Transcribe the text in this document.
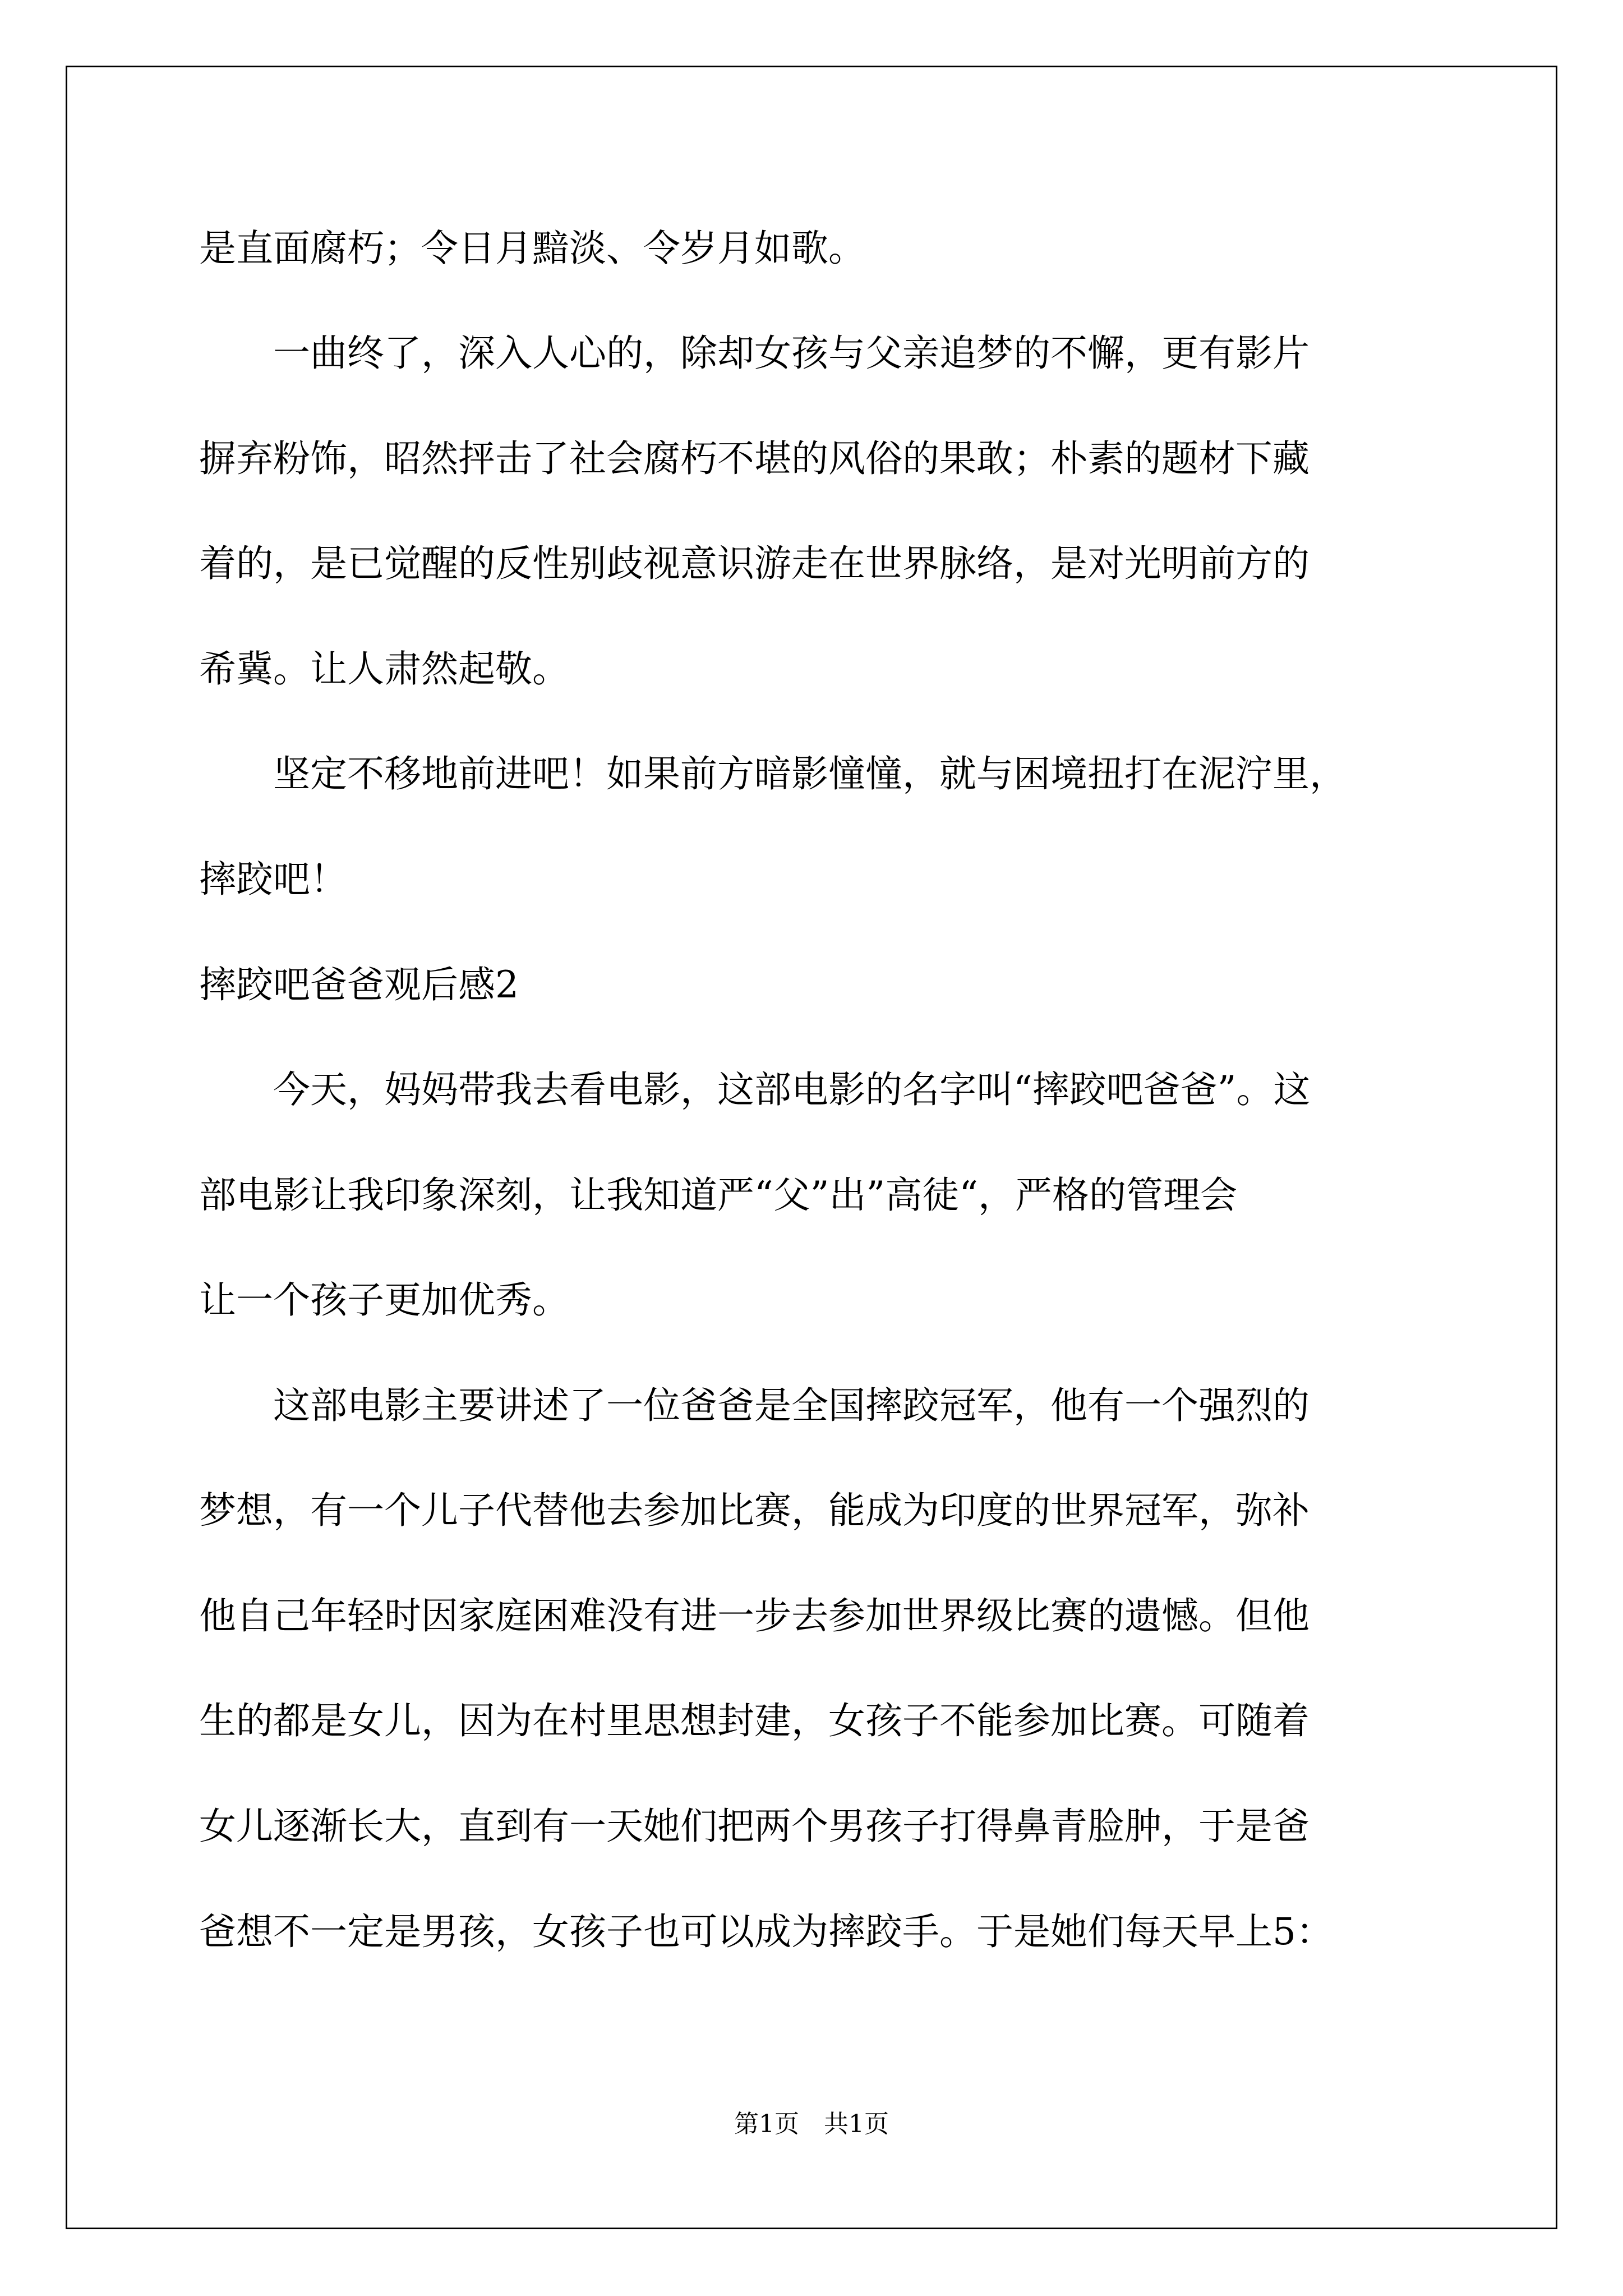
是直面腐朽；令日月黯淡、令岁月如歌。
　　一曲终了，深入人心的，除却女孩与父亲追梦的不懈，更有影片
摒弃粉饰，昭然抨击了社会腐朽不堪的风俗的果敢；朴素的题材下藏
着的，是已觉醒的反性别歧视意识游走在世界脉络，是对光明前方的
希冀。让人肃然起敬。
　　坚定不移地前进吧！如果前方暗影憧憧，就与困境扭打在泥泞里，
摔跤吧！
摔跤吧爸爸观后感2
　　今天，妈妈带我去看电影，这部电影的名字叫“摔跤吧爸爸”。这
部电影让我印象深刻，让我知道严“父”出”高徒“，严格的管理会
让一个孩子更加优秀。
　　这部电影主要讲述了一位爸爸是全国摔跤冠军，他有一个强烈的
梦想，有一个儿子代替他去参加比赛，能成为印度的世界冠军，弥补
他自己年轻时因家庭困难没有进一步去参加世界级比赛的遗憾。但他
生的都是女儿，因为在村里思想封建，女孩子不能参加比赛。可随着
女儿逐渐长大，直到有一天她们把两个男孩子打得鼻青脸肿，于是爸
爸想不一定是男孩，女孩子也可以成为摔跤手。于是她们每天早上5：
第1页　共1页
